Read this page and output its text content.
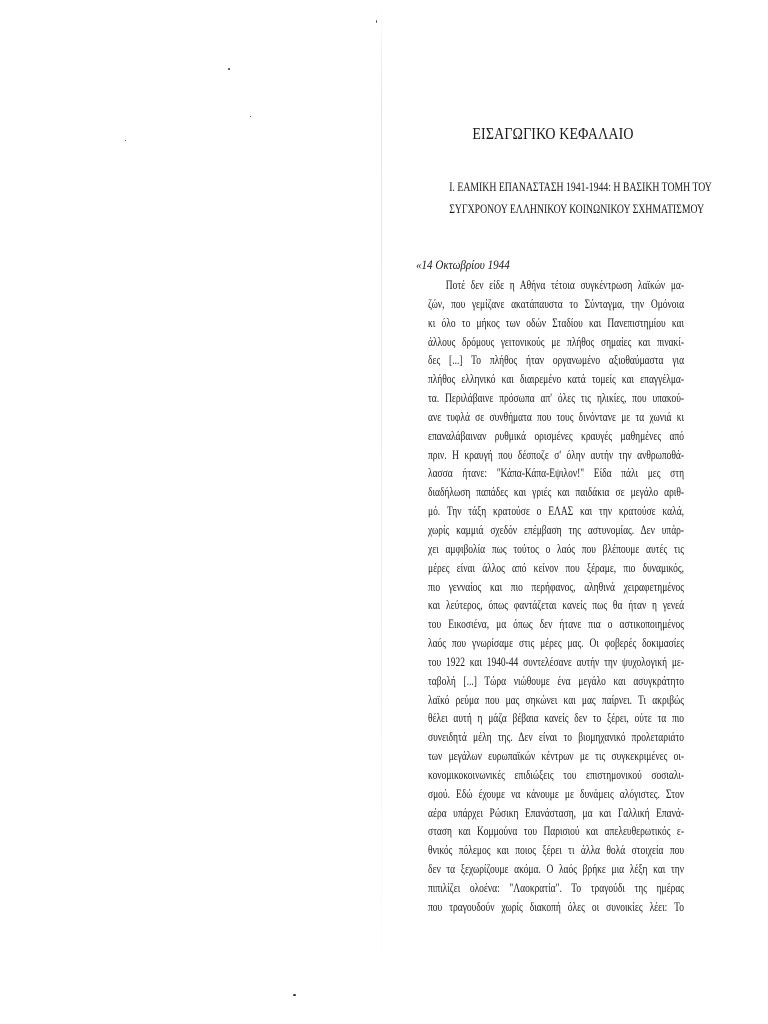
ΕΙΣΑΓΩΓΙΚΟ ΚΕΦΑΛΑΙΟ
Ι. ΕΑΜΙΚΗ ΕΠΑΝΑΣΤΑΣΗ 1941-1944: Η ΒΑΣΙΚΗ ΤΟΜΗ ΤΟΥ
ΣΥΓΧΡΟΝΟΥ ΕΛΛΗΝΙΚΟΥ ΚΟΙΝΩΝΙΚΟΥ ΣΧΗΜΑΤΙΣΜΟΥ
«14 Οκτωβρίου 1944
Ποτέ δεν είδε η Αθήνα τέτοια συγκέντρωση λαϊκών μα-
ζών, που γεμίζανε ακατάπαυστα το Σύνταγμα, την Ομόνοια
κι όλο το μήκος των οδών Σταδίου και Πανεπιστημίου και
άλλους δρόμους γειτονικούς με πλήθος σημαίες και πινακί-
δες [...] Το πλήθος ήταν οργανωμένο αξιοθαύμαστα για
πλήθος ελληνικό και διαιρεμένο κατά τομείς και επαγγέλμα-
τα. Περιλάβαινε πρόσωπα απ' όλες τις ηλικίες, που υπακού-
ανε τυφλά σε συνθήματα που τους δινόντανε με τα χωνιά κι
επαναλάβαιναν ρυθμικά ορισμένες κραυγές μαθημένες από
πριν. Η κραυγή που δέσποζε σ' όλην αυτήν την ανθρωποθά-
λασσα ήτανε: "Κάπα-Κάπα-Εψιλον!" Είδα πάλι μες στη
διαδήλωση παπάδες και γριές και παιδάκια σε μεγάλο αριθ-
μό. Την τάξη κρατούσε ο ΕΛΑΣ και την κρατούσε καλά,
χωρίς καμμιά σχεδόν επέμβαση της αστυνομίας. Δεν υπάρ-
χει αμφιβολία πως τούτος ο λαός που βλέπουμε αυτές τις
μέρες είναι άλλος από κείνον που ξέραμε, πιο δυναμικός,
πιο γενναίος και πιο περήφανος, αληθινά χειραφετημένος
και λεύτερος, όπως φαντάζεται κανείς πως θα ήταν η γενεά
του Εικοσιένα, μα όπως δεν ήτανε πια ο αστικοποιημένος
λαός που γνωρίσαμε στις μέρες μας. Οι φοβερές δοκιμασίες
του 1922 και 1940-44 συντελέσανε αυτήν την ψυχολογική με-
ταβολή [...] Τώρα νιώθουμε ένα μεγάλο και ασυγκράτητο
λαϊκό ρεύμα που μας σηκώνει και μας παίρνει. Τι ακριβώς
θέλει αυτή η μάζα βέβαια κανείς δεν το ξέρει, ούτε τα πιο
συνειδητά μέλη της. Δεν είναι το βιομηχανικό προλεταριάτο
των μεγάλων ευρωπαϊκών κέντρων με τις συγκεκριμένες οι-
κονομικοκοινωνικές επιδιώξεις του επιστημονικού σοσιαλι-
σμού. Εδώ έχουμε να κάνουμε με δυνάμεις αλόγιστες. Στον
αέρα υπάρχει Ρώσικη Επανάσταση, μα και Γαλλική Επανά-
σταση και Κομμούνα του Παρισιού και απελευθερωτικός ε-
θνικός πόλεμος και ποιος ξέρει τι άλλα θολά στοιχεία που
δεν τα ξεχωρίζουμε ακόμα. Ο λαός βρήκε μια λέξη και την
πιπιλίζει ολοένα: "Λαοκρατία". Το τραγούδι της ημέρας
που τραγουδούν χωρίς διακοπή όλες οι συνοικίες λέει: Το
